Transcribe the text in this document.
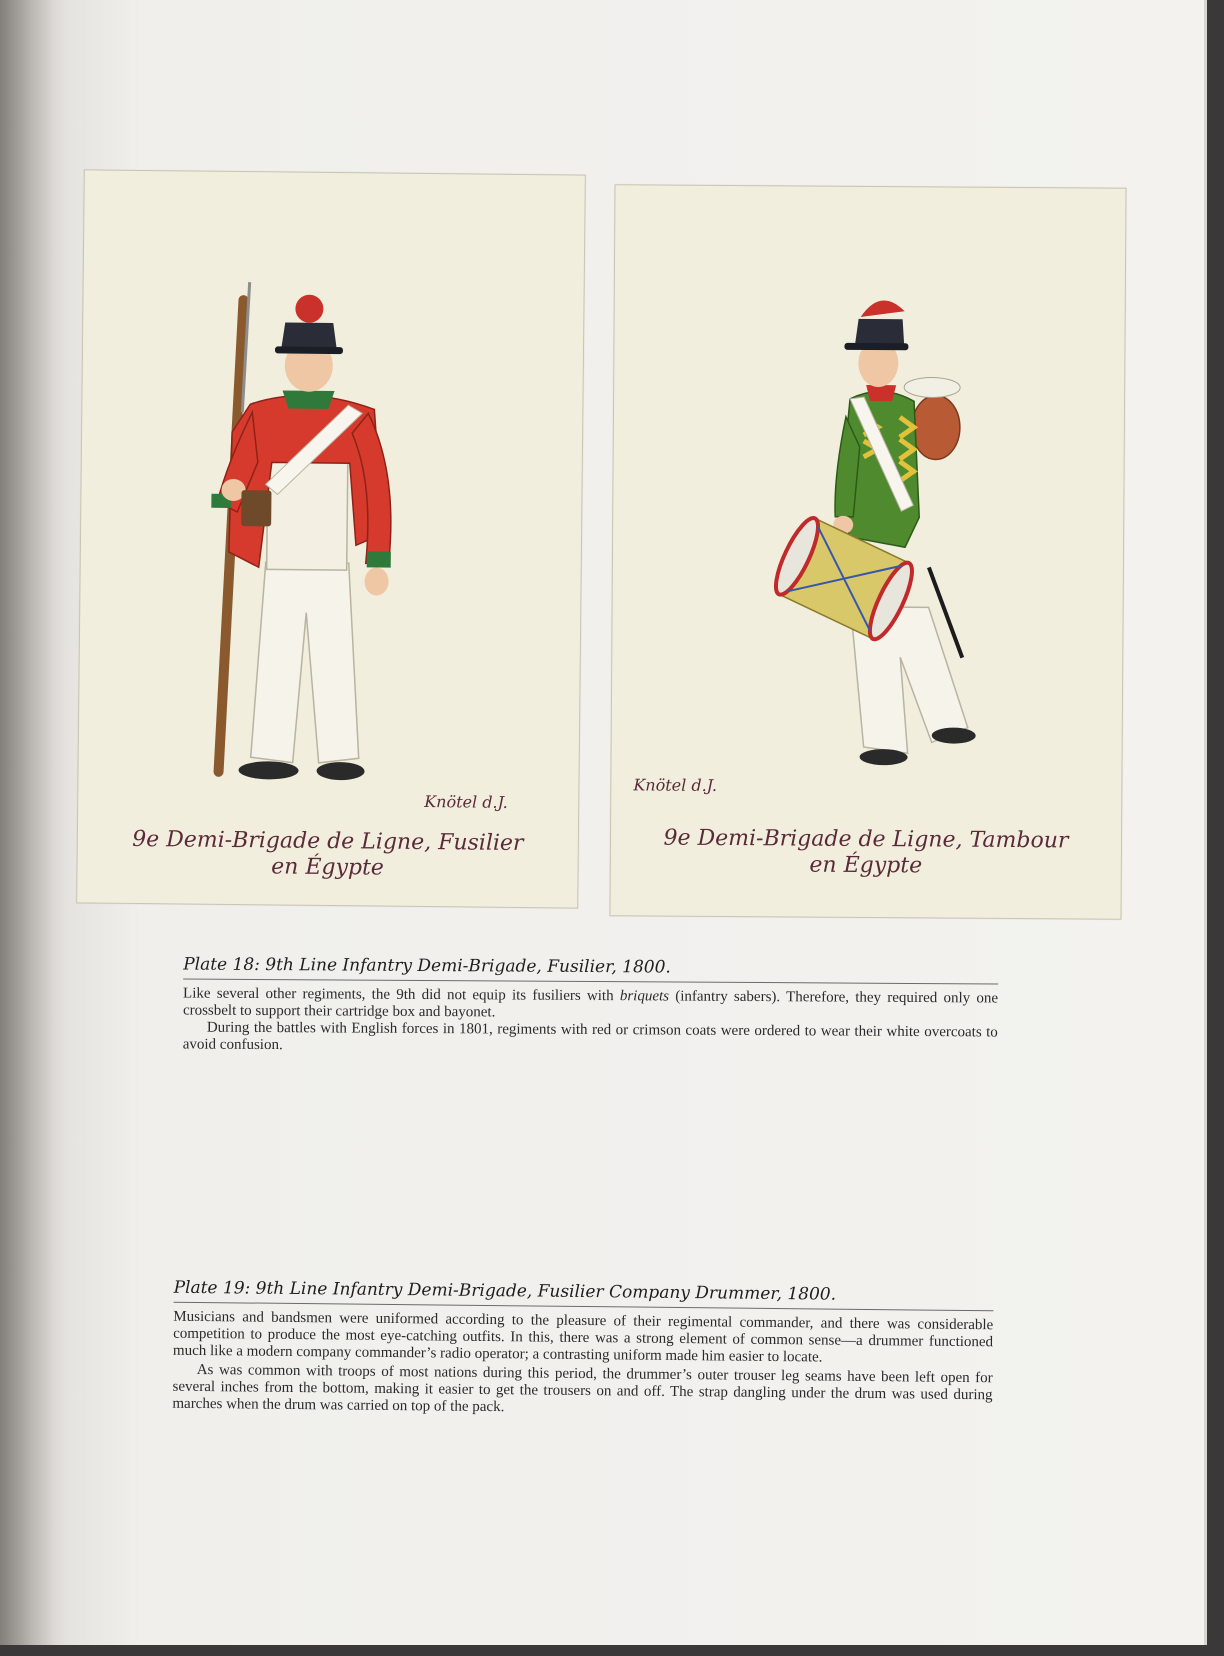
Knötel d.J.
9e Demi-Brigade de Ligne, Fusilier
en Égypte
Knötel d.J.
9e Demi-Brigade de Ligne, Tambour
en Égypte
Plate 18: 9th Line Infantry Demi-Brigade, Fusilier, 1800.

Like several other regiments, the 9th did not equip its fusiliers with briquets (infantry sabers). Therefore, they required only one crossbelt to support their cartridge box and bayonet.

During the battles with English forces in 1801, regiments with red or crimson coats were ordered to wear their white overcoats to avoid confusion.

Plate 19: 9th Line Infantry Demi-Brigade, Fusilier Company Drummer, 1800.

Musicians and bandsmen were uniformed according to the pleasure of their regimental commander, and there was considerable competition to produce the most eye-catching outfits. In this, there was a strong element of common sense—a drummer functioned much like a modern company commander’s radio operator; a contrasting uniform made him easier to locate.

As was common with troops of most nations during this period, the drummer’s outer trouser leg seams have been left open for several inches from the bottom, making it easier to get the trousers on and off. The strap dangling under the drum was used during marches when the drum was carried on top of the pack.
